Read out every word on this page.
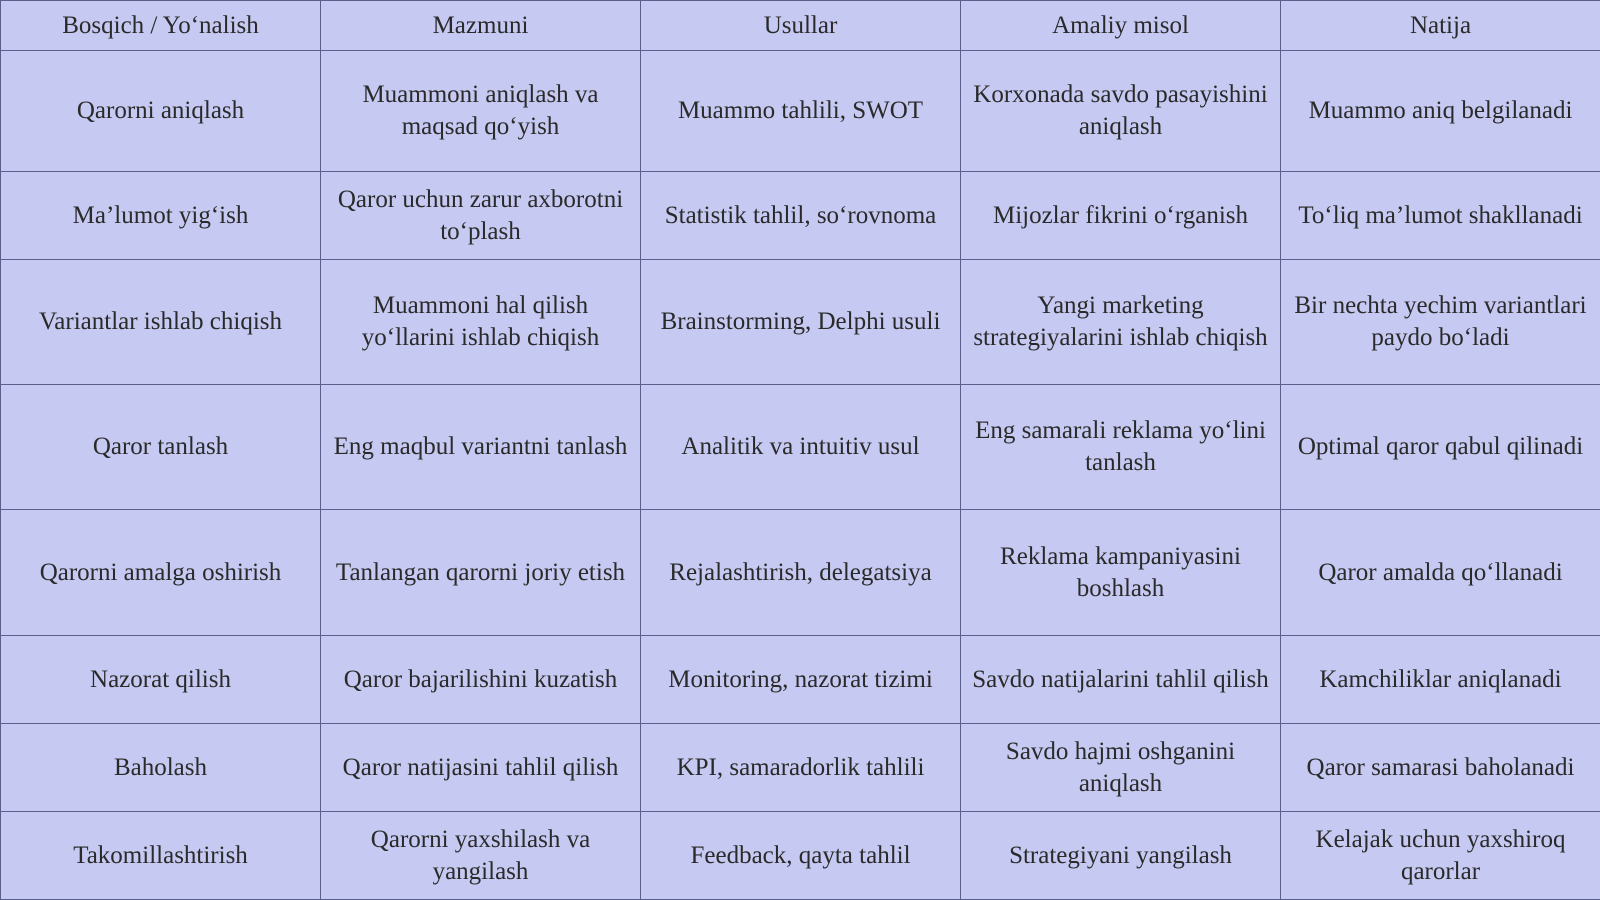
Bosqich / Yo‘nalish	Mazmuni	Usullar	Amaliy misol	Natija
Qarorni aniqlash	Muammoni aniqlash va maqsad qo‘yish	Muammo tahlili, SWOT	Korxonada savdo pasayishini aniqlash	Muammo aniq belgilanadi
Ma’lumot yig‘ish	Qaror uchun zarur axborotni to‘plash	Statistik tahlil, so‘rovnoma	Mijozlar fikrini o‘rganish	To‘liq ma’lumot shakllanadi
Variantlar ishlab chiqish	Muammoni hal qilish yo‘llarini ishlab chiqish	Brainstorming, Delphi usuli	Yangi marketing strategiyalarini ishlab chiqish	Bir nechta yechim variantlari paydo bo‘ladi
Qaror tanlash	Eng maqbul variantni tanlash	Analitik va intuitiv usul	Eng samarali reklama yo‘lini tanlash	Optimal qaror qabul qilinadi
Qarorni amalga oshirish	Tanlangan qarorni joriy etish	Rejalashtirish, delegatsiya	Reklama kampaniyasini boshlash	Qaror amalda qo‘llanadi
Nazorat qilish	Qaror bajarilishini kuzatish	Monitoring, nazorat tizimi	Savdo natijalarini tahlil qilish	Kamchiliklar aniqlanadi
Baholash	Qaror natijasini tahlil qilish	KPI, samaradorlik tahlili	Savdo hajmi oshganini aniqlash	Qaror samarasi baholanadi
Takomillashtirish	Qarorni yaxshilash va yangilash	Feedback, qayta tahlil	Strategiyani yangilash	Kelajak uchun yaxshiroq qarorlar
